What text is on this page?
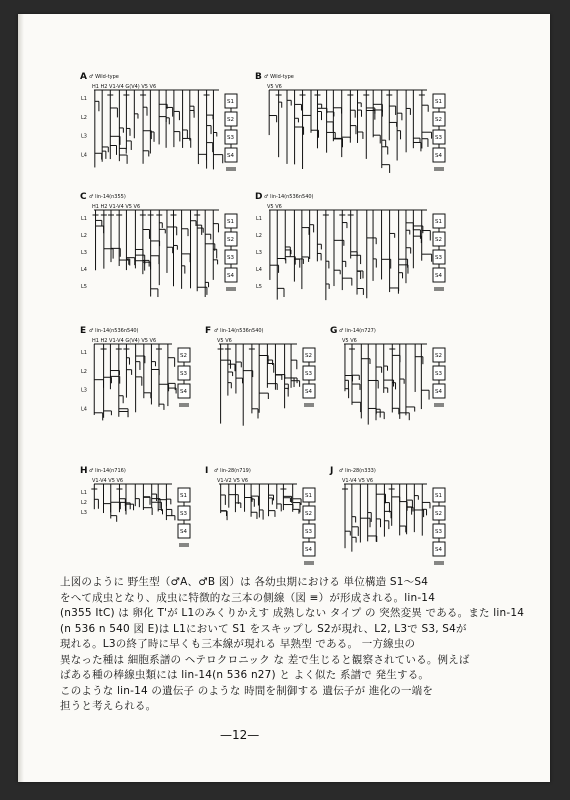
A ♂ Wild-type
H1 H2 V1-V4 G(V4) V5 V6
L1
L2
L3
L4
S1
S2
S3
S4
B ♂ Wild-type
V5 V6
S1
S2
S3
S4
C ♂ lin-14(n355)
H1 H2 V1-V4 V5 V6
L1
L2
L3
L4
L5
S1
S2
S3
S4
D ♂ lin-14(n536n540)
V5 V6
L1
L2
L3
L4
L5
S1
S2
S3
S4
E ♂ lin-14(n536n540)
H1 H2 V1-V4 G(V4) V5 V6
L1
L2
L3
L4
S2
S3
S4
F ♂ lin-14(n536n540)
V5 V6
S2
S3
S4
G ♂ lin-14(n727)
V5 V6
S2
S3
S4
H ♂ lin-14(n716)
V1-V4 V5 V6
L1
L2
L3
S1
S3
S4
I ♂ lin-28(n719)
V1-V2 V5 V6
S1
S2
S3
S4
J ♂ lin-28(n333)
V1-V4 V5 V6
S1
S2
S3
S4
上図のように 野生型（♂A、♂B 図）は 各幼虫期における 単位構造 S1〜S4
をへて成虫となり、成虫に特徴的な三本の側線（図 ≡）が形成される。lin-14
(n355 ItC) は 卵化 T'が L1のみくりかえす 成熟しない タイプ の 突然変異 である。また lin-14
(n 536 n 540 図 E)は L1において S1 をスキップし S2が現れ、L2, L3で S3, S4が
現れる。L3の終了時に早くも三本線が現れる 早熟型 である。 一方線虫の
異なった種は 細胞系譜の ヘテロクロニック な 差で生じると観察されている。例えば
ばある種の棒線虫類には lin-14(n 536 n27) と よく似た 系譜で 発生する。
このような lin-14 の遺伝子 のような 時間を制御する 遺伝子が 進化の一端を
担うと考えられる。
—12—
